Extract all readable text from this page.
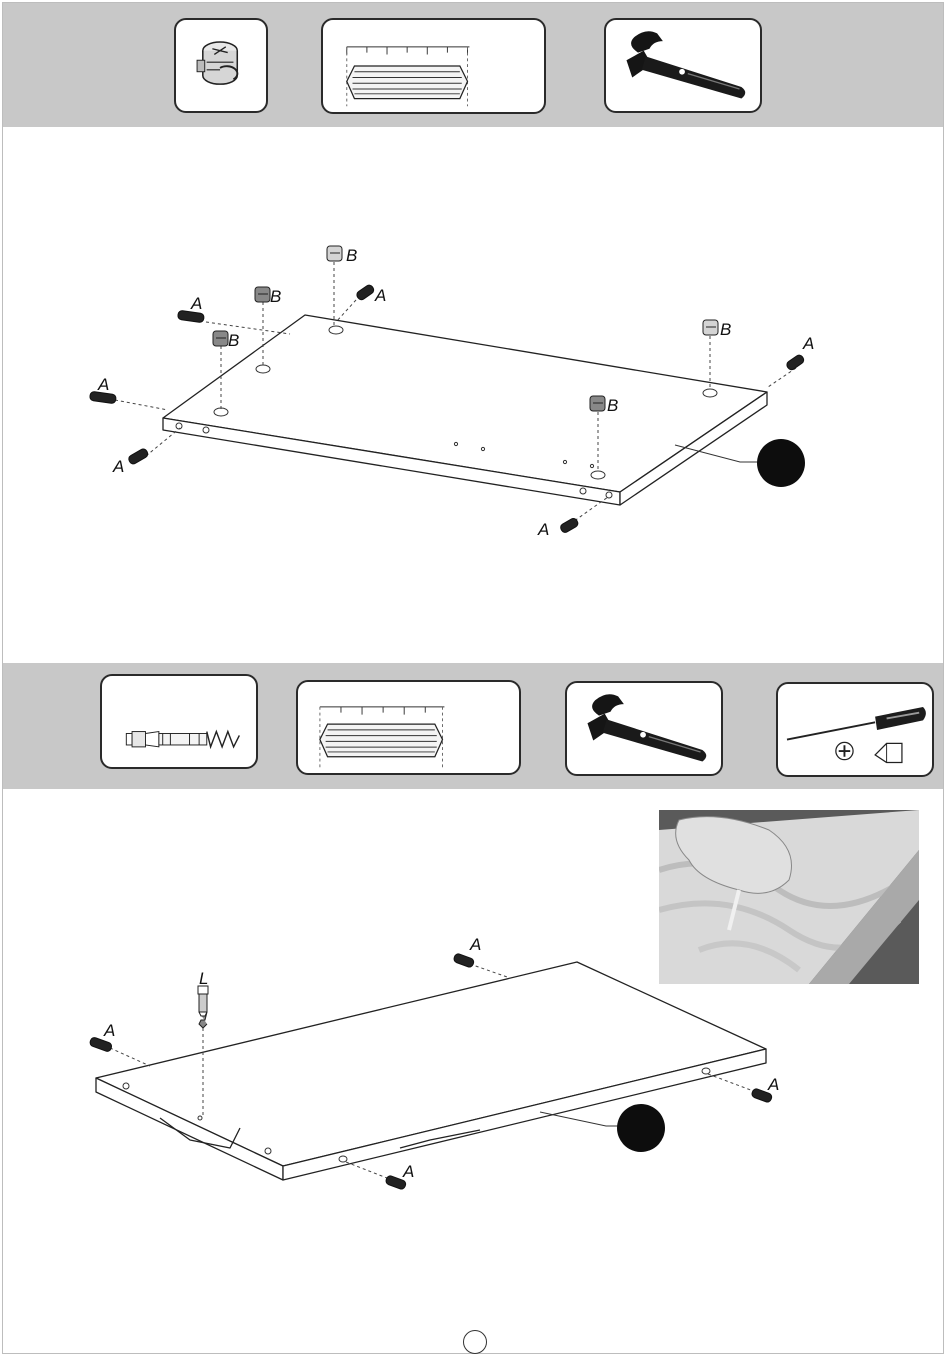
B
B
B
B
B
A	A
A
A
A
A
L
A
A
A
A
